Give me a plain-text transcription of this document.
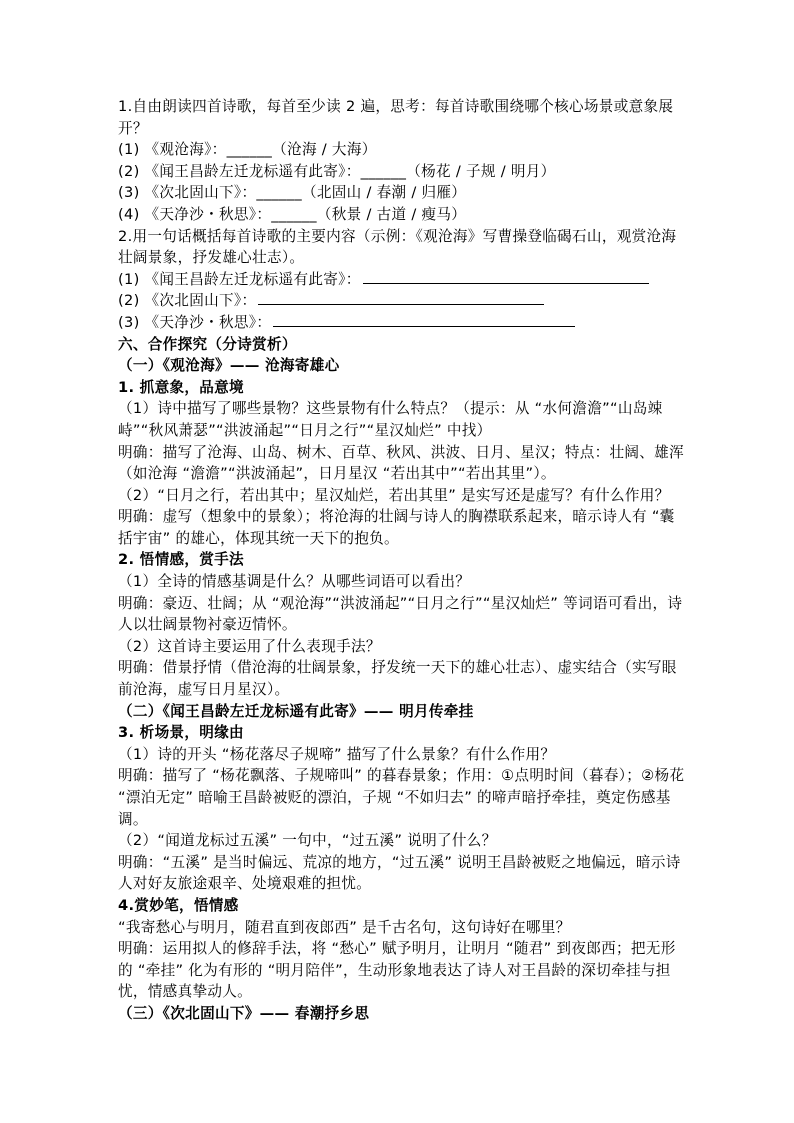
1.自由朗读四首诗歌，每首至少读 2 遍，思考：每首诗歌围绕哪个核心场景或意象展开？

(1) 《观沧海》：______（沧海 / 大海）

(2) 《闻王昌龄左迁龙标遥有此寄》：______（杨花 / 子规 / 明月）

(3) 《次北固山下》：______（北固山 / 春潮 / 归雁）

(4) 《天净沙・秋思》：______（秋景 / 古道 / 瘦马）

2.用一句话概括每首诗歌的主要内容（示例：《观沧海》写曹操登临碣石山，观赏沧海壮阔景象，抒发雄心壮志）。

(1) 《闻王昌龄左迁龙标遥有此寄》：

(2) 《次北固山下》：

(3) 《天净沙・秋思》：

六、合作探究（分诗赏析）

（一）《观沧海》—— 沧海寄雄心

1. 抓意象，品意境

（1）诗中描写了哪些景物？这些景物有什么特点？（提示：从 “水何澹澹”“山岛竦峙”“秋风萧瑟”“洪波涌起”“日月之行”“星汉灿烂” 中找）

明确：描写了沧海、山岛、树木、百草、秋风、洪波、日月、星汉；特点：壮阔、雄浑（如沧海 “澹澹”“洪波涌起”，日月星汉 “若出其中”“若出其里”）。

（2）“日月之行，若出其中；星汉灿烂，若出其里” 是实写还是虚写？有什么作用？

明确：虚写（想象中的景象）；将沧海的壮阔与诗人的胸襟联系起来，暗示诗人有 “囊括宇宙” 的雄心，体现其统一天下的抱负。

2. 悟情感，赏手法

（1）全诗的情感基调是什么？从哪些词语可以看出？

明确：豪迈、壮阔；从 “观沧海”“洪波涌起”“日月之行”“星汉灿烂” 等词语可看出，诗人以壮阔景物衬豪迈情怀。

（2）这首诗主要运用了什么表现手法？

明确：借景抒情（借沧海的壮阔景象，抒发统一天下的雄心壮志）、虚实结合（实写眼前沧海，虚写日月星汉）。

（二）《闻王昌龄左迁龙标遥有此寄》—— 明月传牵挂

3. 析场景，明缘由

（1）诗的开头 “杨花落尽子规啼” 描写了什么景象？有什么作用？

明确：描写了 “杨花飘落、子规啼叫” 的暮春景象；作用：①点明时间（暮春）；②杨花 “漂泊无定” 暗喻王昌龄被贬的漂泊，子规 “不如归去” 的啼声暗抒牵挂，奠定伤感基调。

（2）“闻道龙标过五溪” 一句中，“过五溪” 说明了什么？

明确：“五溪” 是当时偏远、荒凉的地方，“过五溪” 说明王昌龄被贬之地偏远，暗示诗人对好友旅途艰辛、处境艰难的担忧。

4.赏妙笔，悟情感

“我寄愁心与明月，随君直到夜郎西” 是千古名句，这句诗好在哪里？

明确：运用拟人的修辞手法，将 “愁心” 赋予明月，让明月 “随君” 到夜郎西；把无形的 “牵挂” 化为有形的 “明月陪伴”，生动形象地表达了诗人对王昌龄的深切牵挂与担忧，情感真挚动人。

（三）《次北固山下》—— 春潮抒乡思
